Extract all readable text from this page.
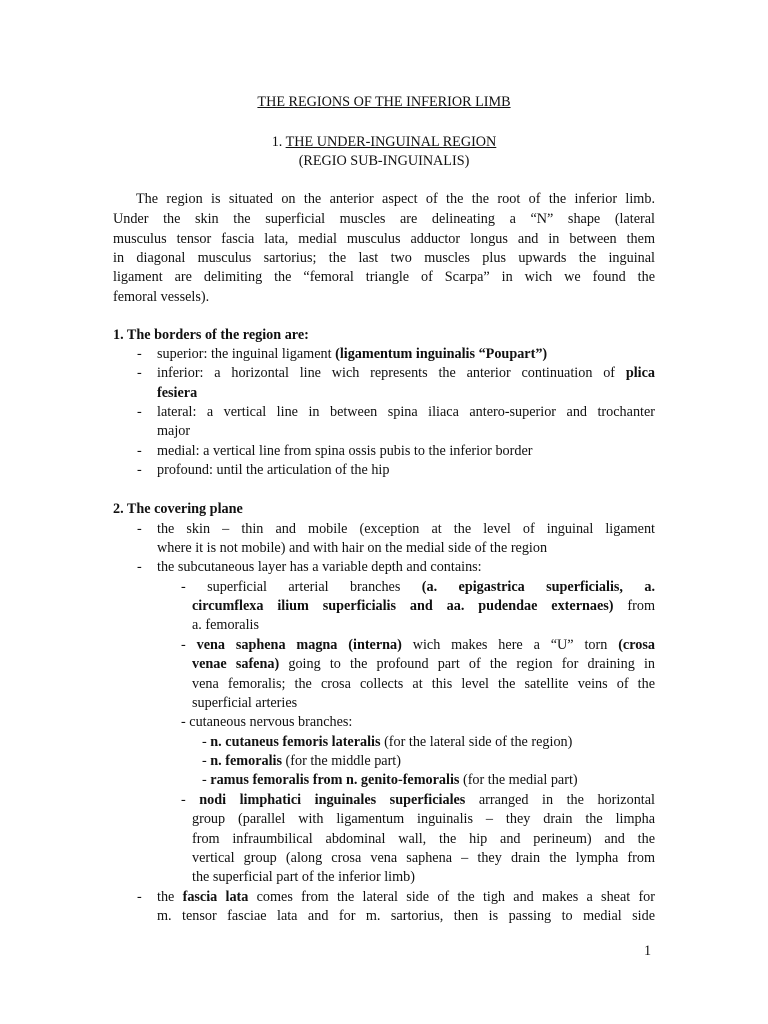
THE REGIONS OF THE INFERIOR LIMB
1. THE UNDER-INGUINAL REGION
(REGIO SUB-INGUINALIS)
The region is situated on the anterior aspect of the the root of the inferior limb.
Under the skin the superficial muscles are delineating a “N” shape (lateral
musculus tensor fascia lata, medial musculus adductor longus and in between them
in diagonal musculus sartorius; the last two muscles plus upwards the inguinal
ligament are delimiting the “femoral triangle of Scarpa” in wich we found the
femoral vessels).
1. The borders of the region are:
- superior: the inguinal ligament (ligamentum inguinalis “Poupart”)
- inferior: a horizontal line wich represents the anterior continuation of plica
fesiera
- lateral: a vertical line in between spina iliaca antero-superior and trochanter
major
- medial: a vertical line from spina ossis pubis to the inferior border
- profound: until the articulation of the hip
2. The covering plane
- the skin – thin and mobile (exception at the level of inguinal ligament
where it is not mobile) and with hair on the medial side of the region
- the subcutaneous layer has a variable depth and contains:
- superficial arterial branches (a. epigastrica superficialis, a.
circumflexa ilium superficialis and aa. pudendae externaes) from
a. femoralis
- vena saphena magna (interna) wich makes here a “U” torn (crosa
venae safena) going to the profound part of the region for draining in
vena femoralis; the crosa collects at this level the satellite veins of the
superficial arteries
- cutaneous nervous branches:
- n. cutaneus femoris lateralis (for the lateral side of the region)
- n. femoralis (for the middle part)
- ramus femoralis from n. genito-femoralis (for the medial part)
- nodi limphatici inguinales superficiales arranged in the horizontal
group (parallel with ligamentum inguinalis – they drain the limpha
from infraumbilical abdominal wall, the hip and perineum) and the
vertical group (along crosa vena saphena – they drain the lympha from
the superficial part of the inferior limb)
- the fascia lata comes from the lateral side of the tigh and makes a sheat for
m. tensor fasciae lata and for m. sartorius, then is passing to medial side
1
